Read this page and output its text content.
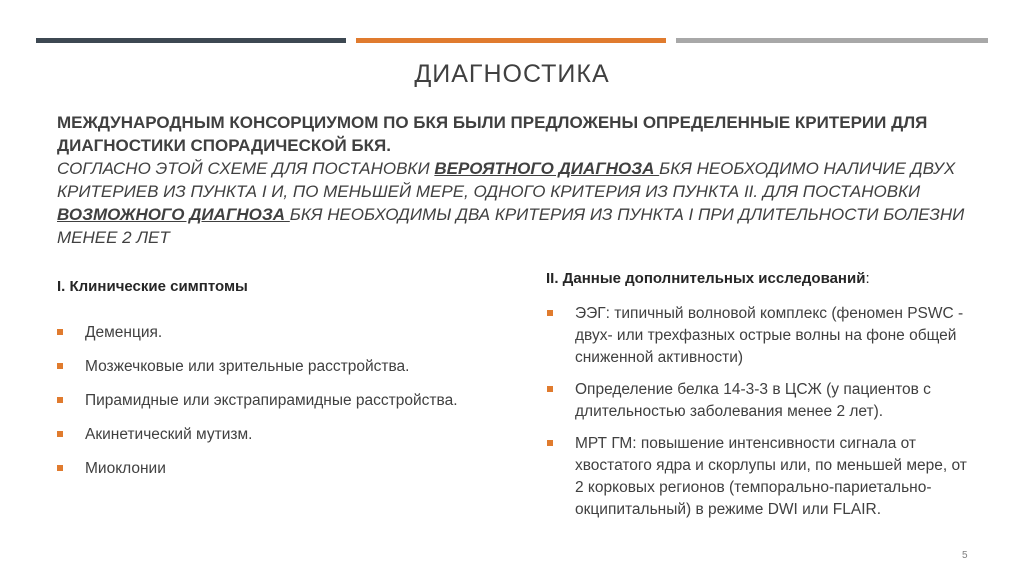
ДИАГНОСТИКА
МЕЖДУНАРОДНЫМ КОНСОРЦИУМОМ ПО БКЯ БЫЛИ ПРЕДЛОЖЕНЫ ОПРЕДЕЛЕННЫЕ КРИТЕРИИ ДЛЯ ДИАГНОСТИКИ СПОРАДИЧЕСКОЙ БКЯ.
СОГЛАСНО ЭТОЙ СХЕМЕ ДЛЯ ПОСТАНОВКИ ВЕРОЯТНОГО ДИАГНОЗА БКЯ НЕОБХОДИМО НАЛИЧИЕ ДВУХ КРИТЕРИЕВ ИЗ ПУНКТА I И, ПО МЕНЬШЕЙ МЕРЕ, ОДНОГО КРИТЕРИЯ ИЗ ПУНКТА II. ДЛЯ ПОСТАНОВКИ ВОЗМОЖНОГО ДИАГНОЗА БКЯ НЕОБХОДИМЫ ДВА КРИТЕРИЯ ИЗ ПУНКТА I ПРИ ДЛИТЕЛЬНОСТИ БОЛЕЗНИ МЕНЕЕ 2 ЛЕТ
I. Клинические симптомы
Деменция.
Мозжечковые или зрительные расстройства.
Пирамидные или экстрапирамидные расстройства.
Акинетический мутизм.
Миоклонии
II. Данные дополнительных исследований:
ЭЭГ: типичный волновой комплекс (феномен PSWC - двух- или трехфазных острые волны на фоне общей сниженной активности)
Определение белка 14-3-3 в ЦСЖ (у пациентов с длительностью заболевания менее 2 лет).
МРТ ГМ: повышение интенсивности сигнала от хвостатого ядра и скорлупы или, по меньшей мере, от 2 корковых регионов (темпорально-париетально-окципитальный) в режиме DWI или FLAIR.
5
